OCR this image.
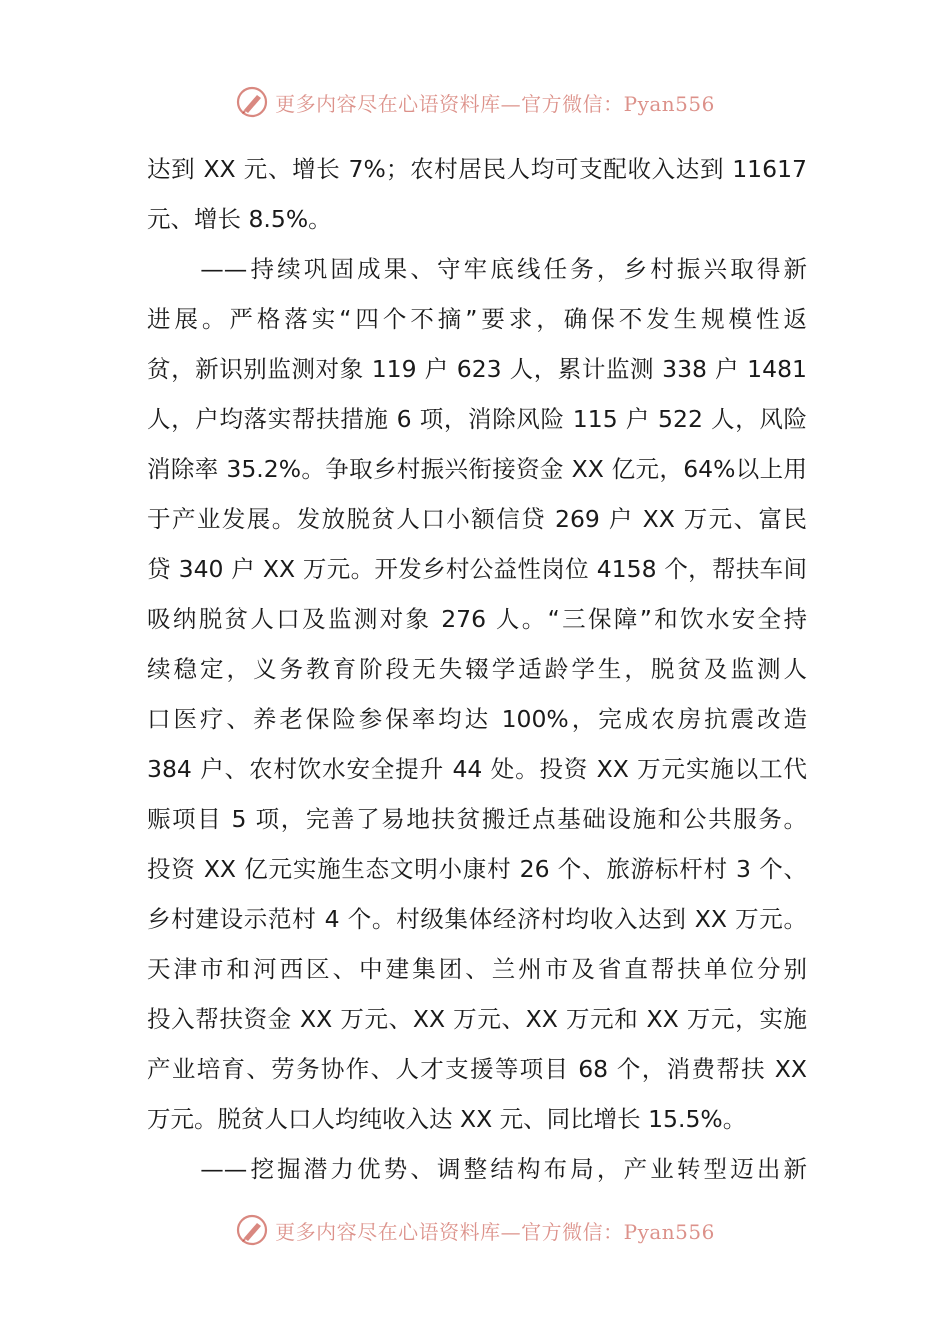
更多内容尽在心语资料库—官方微信：Pyan556
达到 XX 元、增长 7%；农村居民人均可支配收入达到 11617
元、增长 8.5%。
　　——持续巩固成果、守牢底线任务，乡村振兴取得新
进展。严格落实“四个不摘”要求，确保不发生规模性返
贫，新识别监测对象 119 户 623 人，累计监测 338 户 1481
人，户均落实帮扶措施 6 项，消除风险 115 户 522 人，风险
消除率 35.2%。争取乡村振兴衔接资金 XX 亿元，64%以上用
于产业发展。发放脱贫人口小额信贷 269 户 XX 万元、富民
贷 340 户 XX 万元。开发乡村公益性岗位 4158 个，帮扶车间
吸纳脱贫人口及监测对象 276 人。“三保障”和饮水安全持
续稳定，义务教育阶段无失辍学适龄学生，脱贫及监测人
口医疗、养老保险参保率均达 100%，完成农房抗震改造
384 户、农村饮水安全提升 44 处。投资 XX 万元实施以工代
赈项目 5 项，完善了易地扶贫搬迁点基础设施和公共服务。
投资 XX 亿元实施生态文明小康村 26 个、旅游标杆村 3 个、
乡村建设示范村 4 个。村级集体经济村均收入达到 XX 万元。
天津市和河西区、中建集团、兰州市及省直帮扶单位分别
投入帮扶资金 XX 万元、XX 万元、XX 万元和 XX 万元，实施
产业培育、劳务协作、人才支援等项目 68 个，消费帮扶 XX
万元。脱贫人口人均纯收入达 XX 元、同比增长 15.5%。
　　——挖掘潜力优势、调整结构布局，产业转型迈出新
更多内容尽在心语资料库—官方微信：Pyan556
